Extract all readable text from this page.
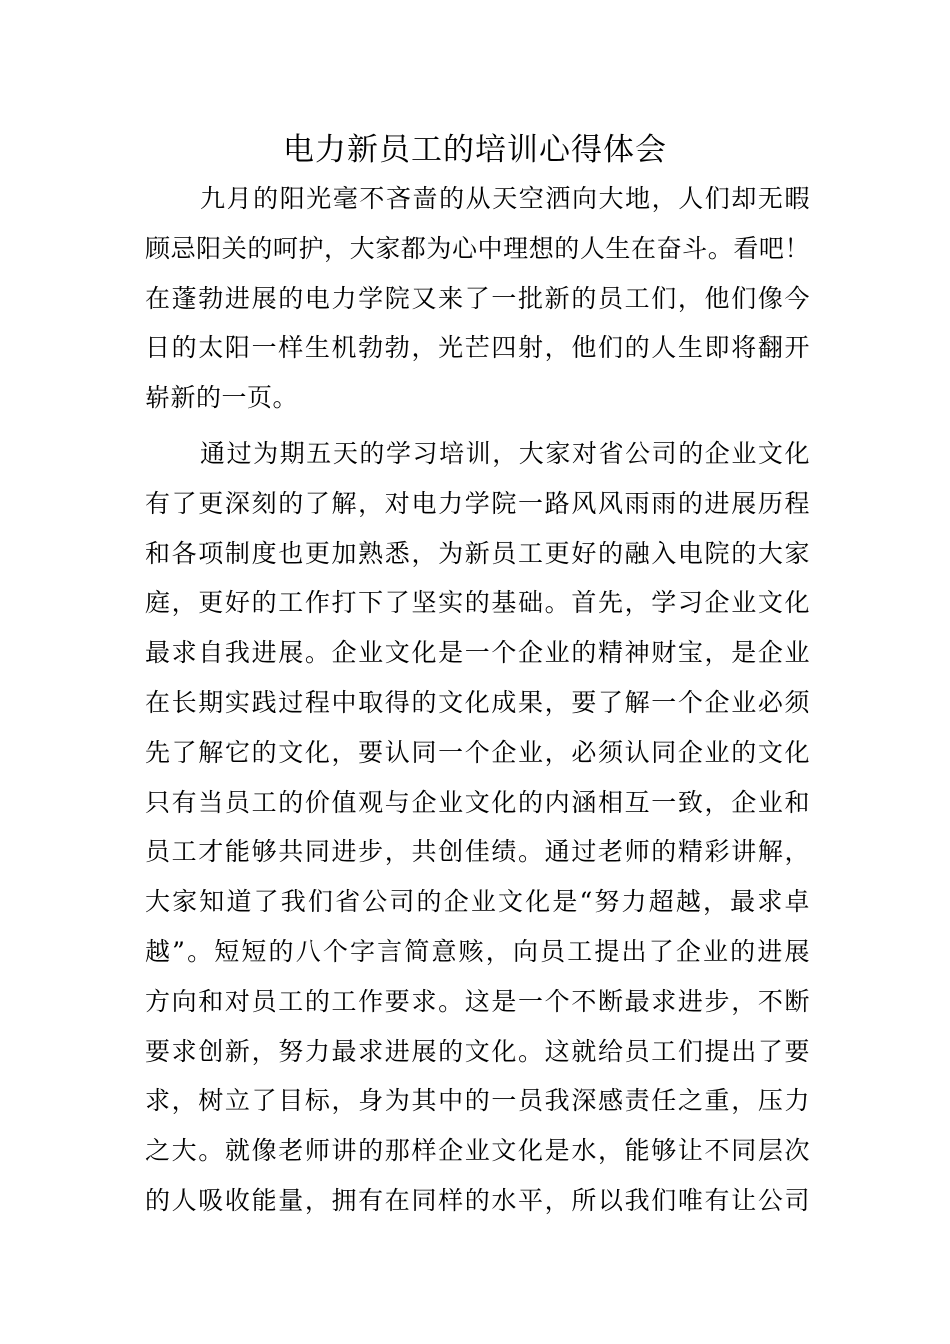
电力新员工的培训心得体会

九月的阳光毫不吝啬的从天空洒向大地，人们却无暇
顾忌阳关的呵护，大家都为心中理想的人生在奋斗。看吧！
在蓬勃进展的电力学院又来了一批新的员工们，他们像今
日的太阳一样生机勃勃，光芒四射，他们的人生即将翻开
崭新的一页。

通过为期五天的学习培训，大家对省公司的企业文化
有了更深刻的了解，对电力学院一路风风雨雨的进展历程
和各项制度也更加熟悉，为新员工更好的融入电院的大家
庭，更好的工作打下了坚实的基础。首先，学习企业文化
最求自我进展。企业文化是一个企业的精神财宝，是企业
在长期实践过程中取得的文化成果，要了解一个企业必须
先了解它的文化，要认同一个企业，必须认同企业的文化
只有当员工的价值观与企业文化的内涵相互一致，企业和
员工才能够共同进步，共创佳绩。通过老师的精彩讲解，
大家知道了我们省公司的企业文化是“努力超越，最求卓
越”。短短的八个字言简意赅，向员工提出了企业的进展
方向和对员工的工作要求。这是一个不断最求进步，不断
要求创新，努力最求进展的文化。这就给员工们提出了要
求，树立了目标，身为其中的一员我深感责任之重，压力
之大。就像老师讲的那样企业文化是水，能够让不同层次
的人吸收能量，拥有在同样的水平，所以我们唯有让公司
